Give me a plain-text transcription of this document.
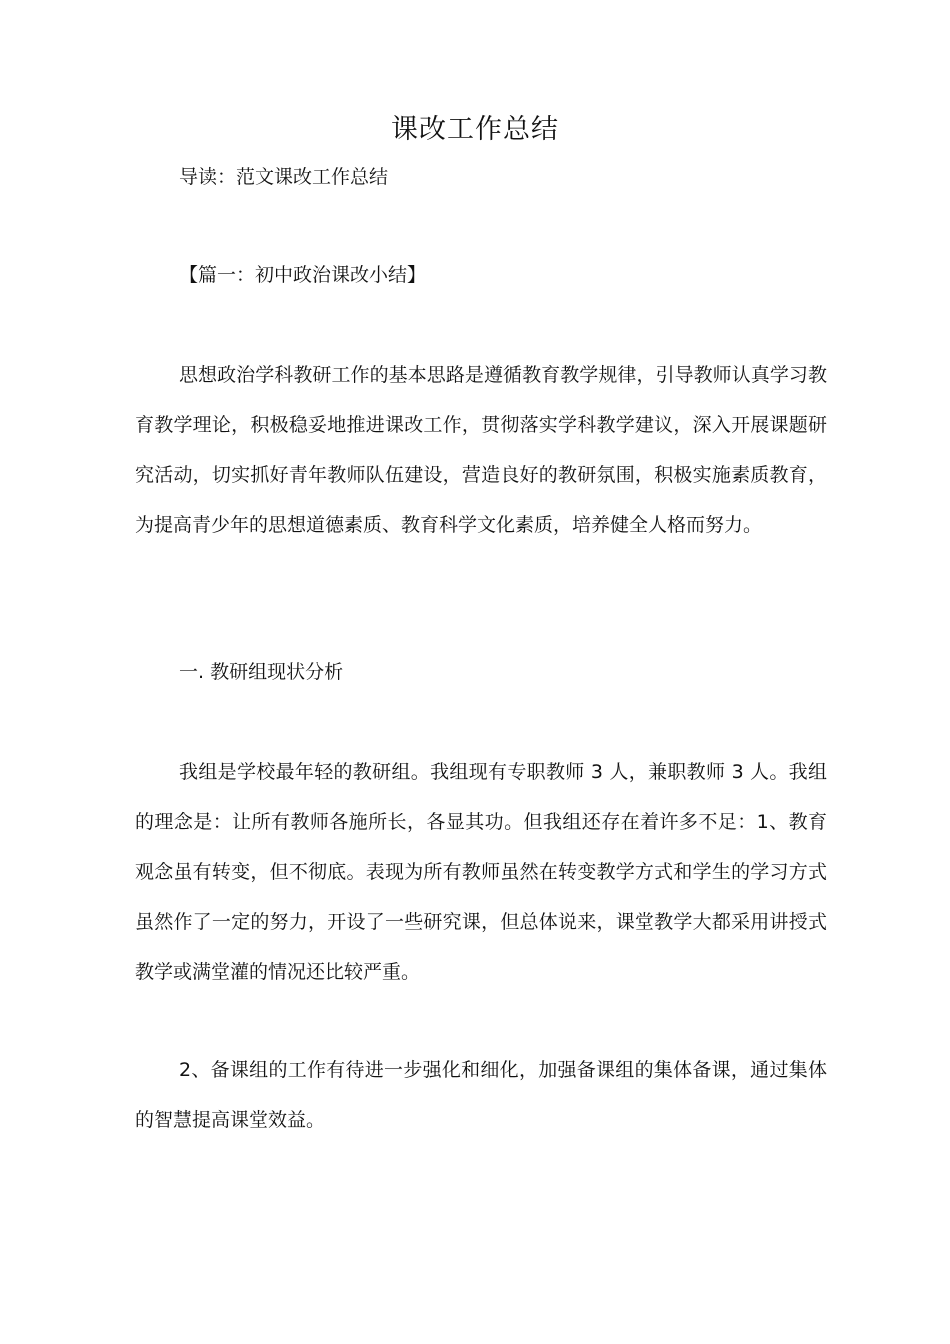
课改工作总结

导读：范文课改工作总结

【篇一：初中政治课改小结】

思想政治学科教研工作的基本思路是遵循教育教学规律，引导教师认真学习教育教学理论，积极稳妥地推进课改工作，贯彻落实学科教学建议，深入开展课题研究活动，切实抓好青年教师队伍建设，营造良好的教研氛围，积极实施素质教育，为提高青少年的思想道德素质、教育科学文化素质，培养健全人格而努力。

一. 教研组现状分析

我组是学校最年轻的教研组。我组现有专职教师 3 人，兼职教师 3 人。我组的理念是：让所有教师各施所长，各显其功。但我组还存在着许多不足：1、教育观念虽有转变，但不彻底。表现为所有教师虽然在转变教学方式和学生的学习方式虽然作了一定的努力，开设了一些研究课，但总体说来，课堂教学大都采用讲授式教学或满堂灌的情况还比较严重。

2、备课组的工作有待进一步强化和细化，加强备课组的集体备课，通过集体的智慧提高课堂效益。
